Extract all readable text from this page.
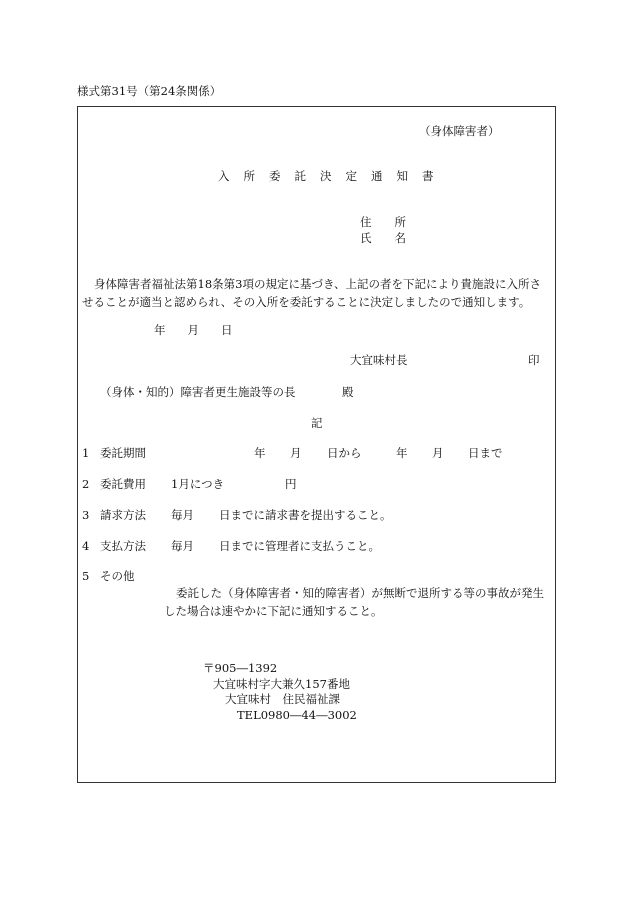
様式第31号（第24条関係）
（身体障害者）
入所委託決定通知書
住　　所
氏　　名
身体障害者福祉法第18条第3項の規定に基づき、上記の者を下記により貴施設に入所させることが適当と認められ、その入所を委託することに決定しましたので通知します。
年 月 日
大宜味村長	印
（身体・知的）障害者更生施設等の長	殿
記
1 委託期間	年 月 日から	年 月 日まで
2 委託費用 1月につき	円
3 請求方法 毎月 日までに請求書を提出すること。
4 支払方法 毎月 日までに管理者に支払うこと。
5 その他
委託した（身体障害者・知的障害者）が無断で退所する等の事故が発生した場合は速やかに下記に通知すること。
〒905―1392
大宜味村字大兼久157番地
大宜味村　住民福祉課
TEL0980―44―3002
